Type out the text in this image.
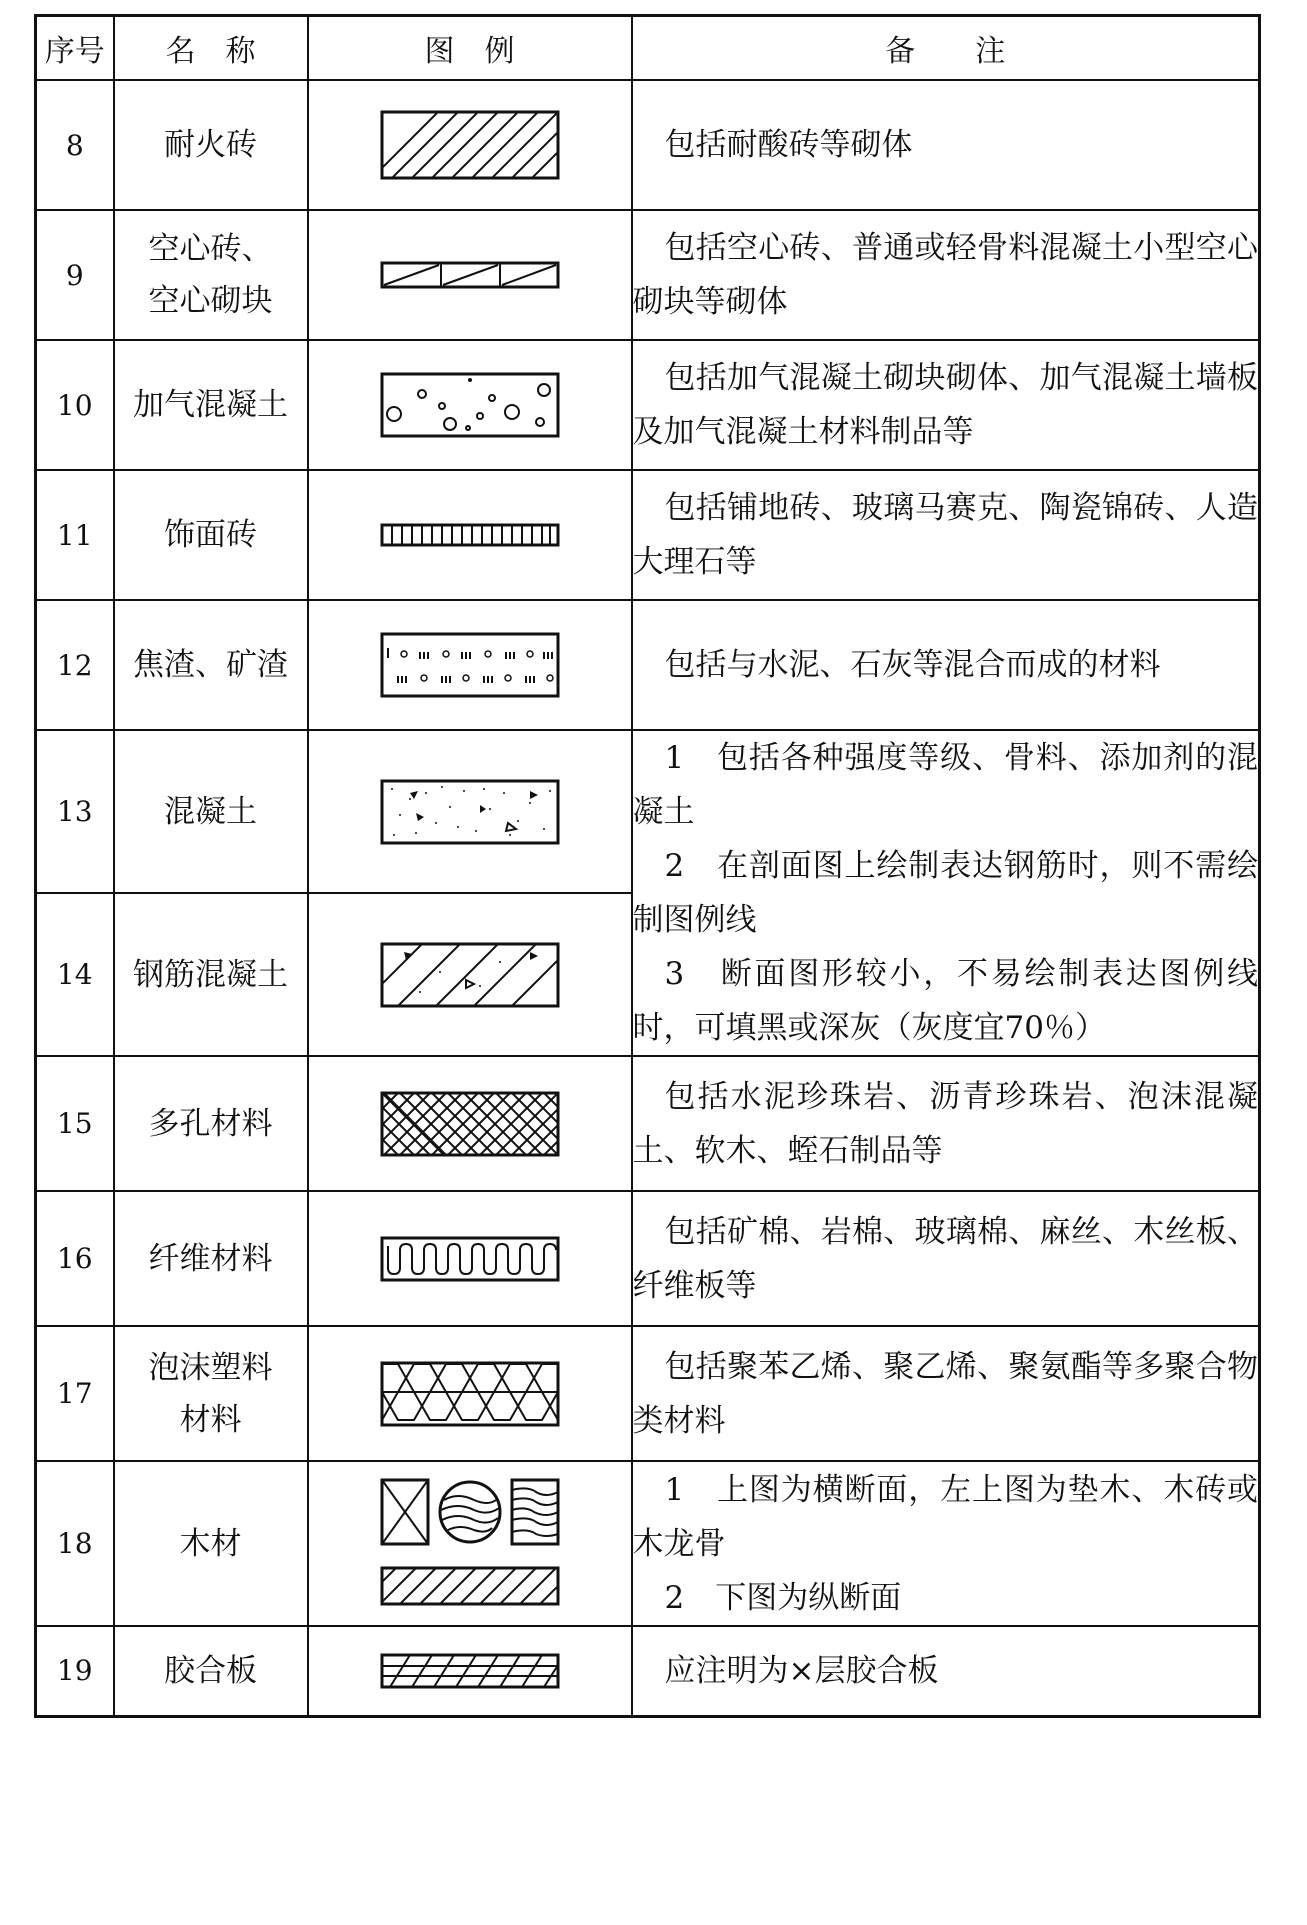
序号	名　称	图　例	备　　注
8	耐火砖		包括耐酸砖等砌体

9	空心砖、
空心砌块		包括空心砖、普通或轻骨料混凝土小型空心砌块等砌体

10	加气混凝土		包括加气混凝土砌块砌体、加气混凝土墙板及加气混凝土材料制品等

11	饰面砖		包括铺地砖、玻璃马赛克、陶瓷锦砖、人造大理石等

12	焦渣、矿渣		包括与水泥、石灰等混合而成的材料

13	混凝土		1　包括各种强度等级、骨料、添加剂的混凝土

2　在剖面图上绘制表达钢筋时，则不需绘制图例线

3　断面图形较小，不易绘制表达图例线时，可填黑或深灰（灰度宜70％）

14	钢筋混凝土

15	多孔材料		包括水泥珍珠岩、沥青珍珠岩、泡沫混凝土、软木、蛭石制品等

16	纤维材料		包括矿棉、岩棉、玻璃棉、麻丝、木丝板、纤维板等

17	泡沫塑料
材料		包括聚苯乙烯、聚乙烯、聚氨酯等多聚合物类材料

18	木材		1　上图为横断面，左上图为垫木、木砖或木龙骨

2　下图为纵断面

19	胶合板		应注明为×层胶合板
